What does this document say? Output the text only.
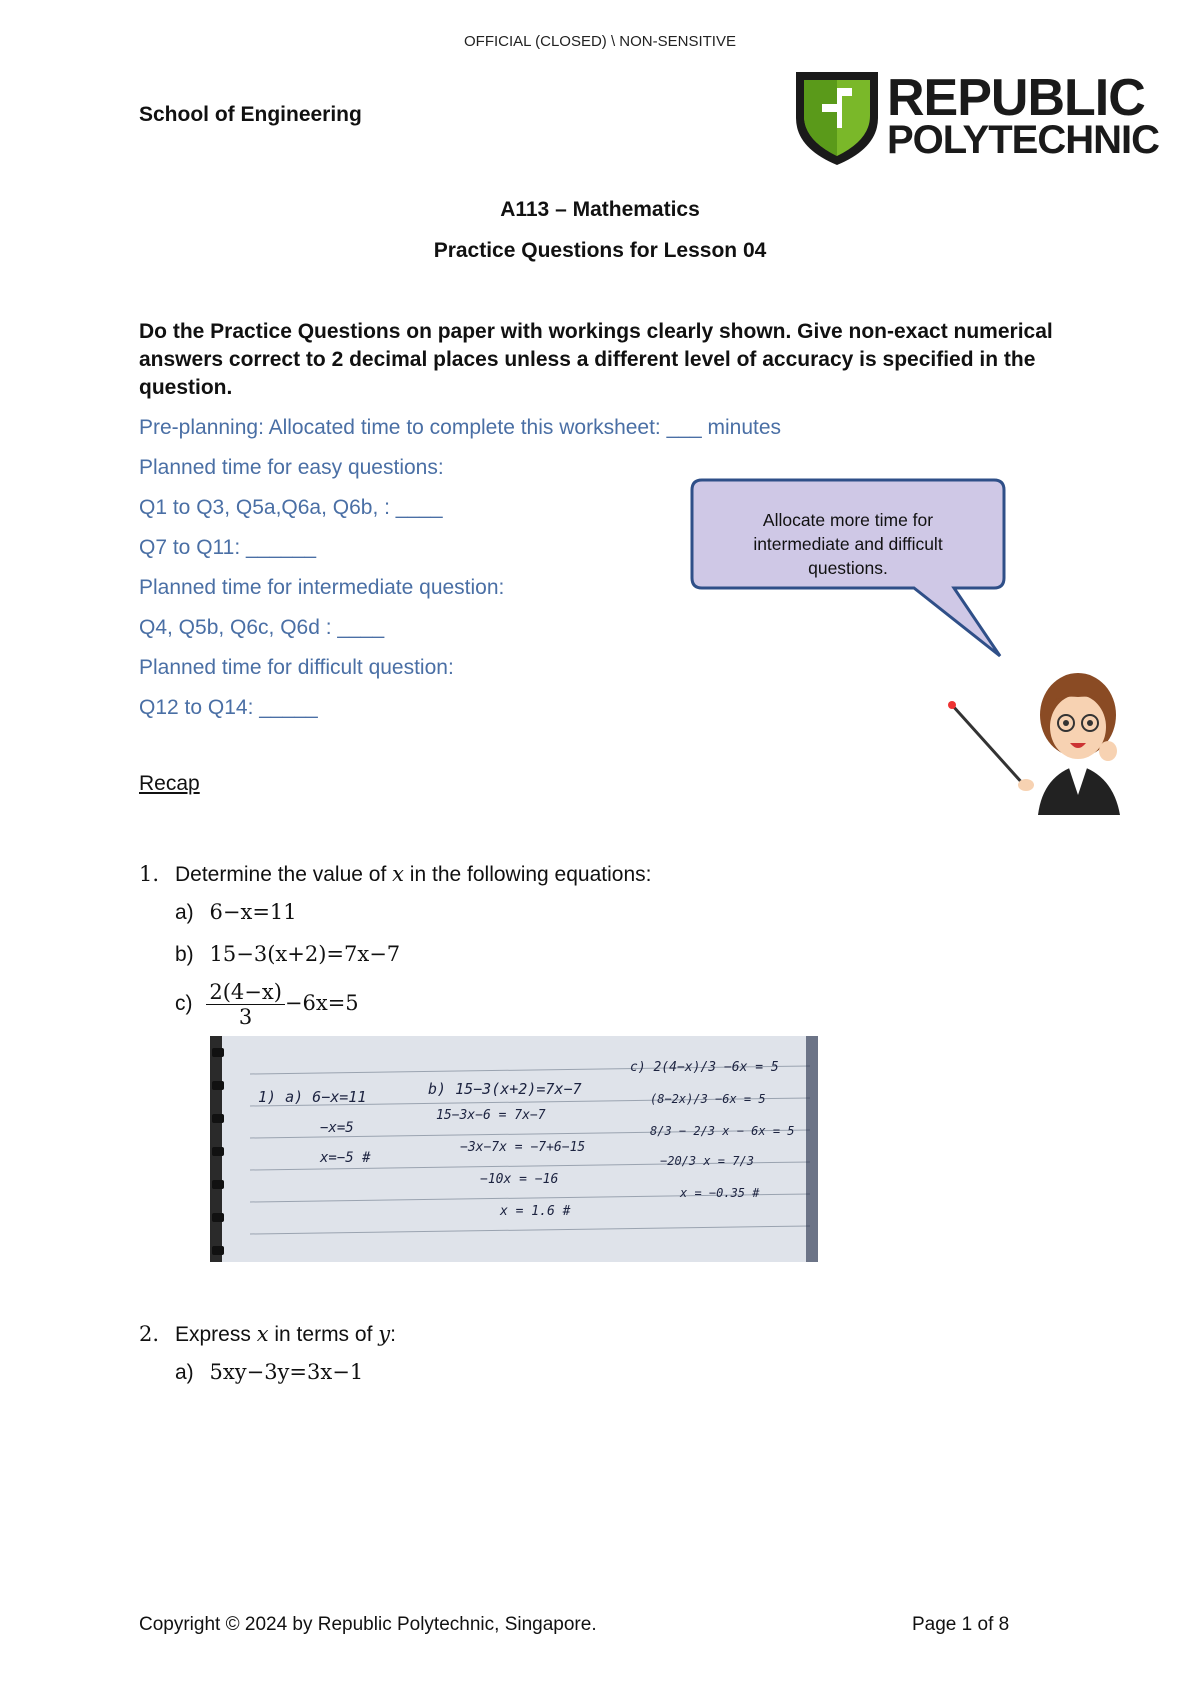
OFFICIAL (CLOSED) \ NON-SENSITIVE
School of Engineering	REPUBLIC
POLYTECHNIC
A113 – Mathematics
Practice Questions for Lesson 04
Do the Practice Questions on paper with workings clearly shown. Give non-exact numerical answers correct to 2 decimal places unless a different level of accuracy is specified in the question.
Pre-planning: Allocated time to complete this worksheet: ___ minutes
Planned time for easy questions:
Q1 to Q3, Q5a,Q6a, Q6b, : ____
Q7 to Q11: ______
Planned time for intermediate question:
Q4, Q5b, Q6c, Q6d : ____
Planned time for difficult question:
Q12 to Q14: _____
Allocate more time for
intermediate and difficult
questions.
Recap
1. Determine the value of x in the following equations:
a) 6−x=11
b) 15−3(x+2)=7x−7
$c) \frac{2(4-x)}{3} -6x=5$
1) a) 6−x=11
−x=5
x=−5 #
b) 15−3(x+2)=7x−7
15−3x−6 = 7x−7
−3x−7x = −7+6−15
−10x = −16
x = 1.6 #
c) 2(4−x)/3 −6x = 5
(8−2x)/3 −6x = 5
8/3 − 2/3 x − 6x = 5
−20/3 x = 7/3
x = −0.35 #
2. Express x in terms of y:
a) 5xy−3y=3x−1
Copyright © 2024 by Republic Polytechnic, Singapore.	Page 1 of 8
